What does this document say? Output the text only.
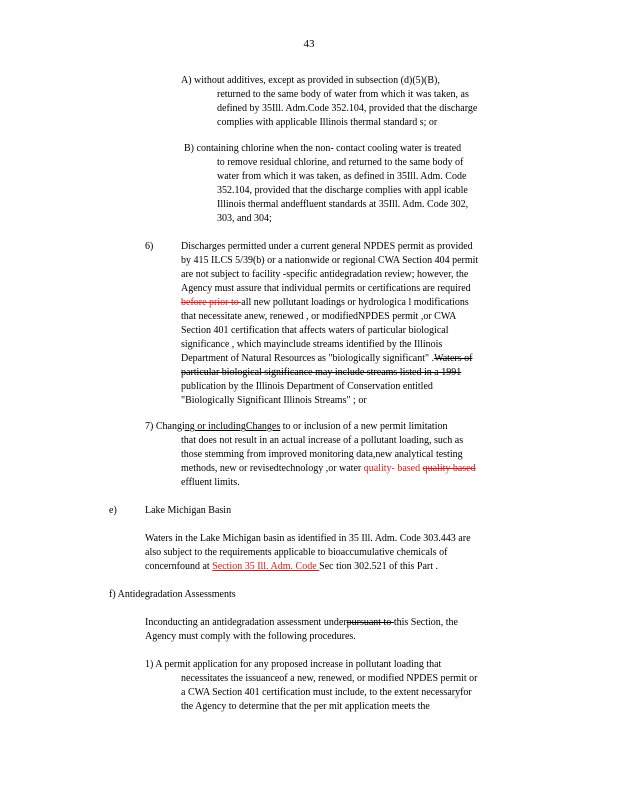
43
A) without additives, except as provided in subsection (d)(5)(B),
returned to the same body of water from which it was taken, as
defined by 35Ill. Adm.Code 352.104, provided that the discharge
complies with applicable Illinois thermal standard s; or
B) containing chlorine when the non- contact cooling water is treated
to remove residual chlorine, and returned to the same body of
water from which it was taken, as defined in 35Ill. Adm. Code
352.104, provided that the discharge complies with appl icable
Illinois thermal andeffluent standards at 35Ill. Adm. Code 302,
303, and 304;
6)	Discharges permitted under a current general NPDES permit as provided
by 415 ILCS 5/39(b) or a nationwide or regional CWA Section 404 permit
are not subject to facility -specific antidegradation review; however, the
Agency must assure that individual permits or certifications are required
before prior to all new pollutant loadings or hydrologica l modifications
that necessitate anew, renewed , or modifiedNPDES permit ,or CWA
Section 401 certification that affects waters of particular biological
significance , which mayinclude streams identified by the Illinois
Department of Natural Resources as "biologically significant" .Waters of
particular biological significance may include streams listed in a 1991
publication by the Illinois Department of Conservation entitled
"Biologically Significant Illinois Streams" ; or
7) Changing or includingChanges to or inclusion of a new permit limitation
that does not result in an actual increase of a pollutant loading, such as
those stemming from improved monitoring data,new analytical testing
methods, new or revisedtechnology ,or water quality- based quality based
effluent limits.
e)	Lake Michigan Basin
Waters in the Lake Michigan basin as identified in 35 Ill. Adm. Code 303.443 are
also subject to the requirements applicable to bioaccumulative chemicals of
concernfound at Section 35 Ill. Adm. Code Sec tion 302.521 of this Part .
f) Antidegradation Assessments
Inconducting an antidegradation assessment underpursuant to this Section, the
Agency must comply with the following procedures.
1) A permit application for any proposed increase in pollutant loading that
necessitates the issuanceof a new, renewed, or modified NPDES permit or
a CWA Section 401 certification must include, to the extent necessaryfor
the Agency to determine that the per mit application meets the
